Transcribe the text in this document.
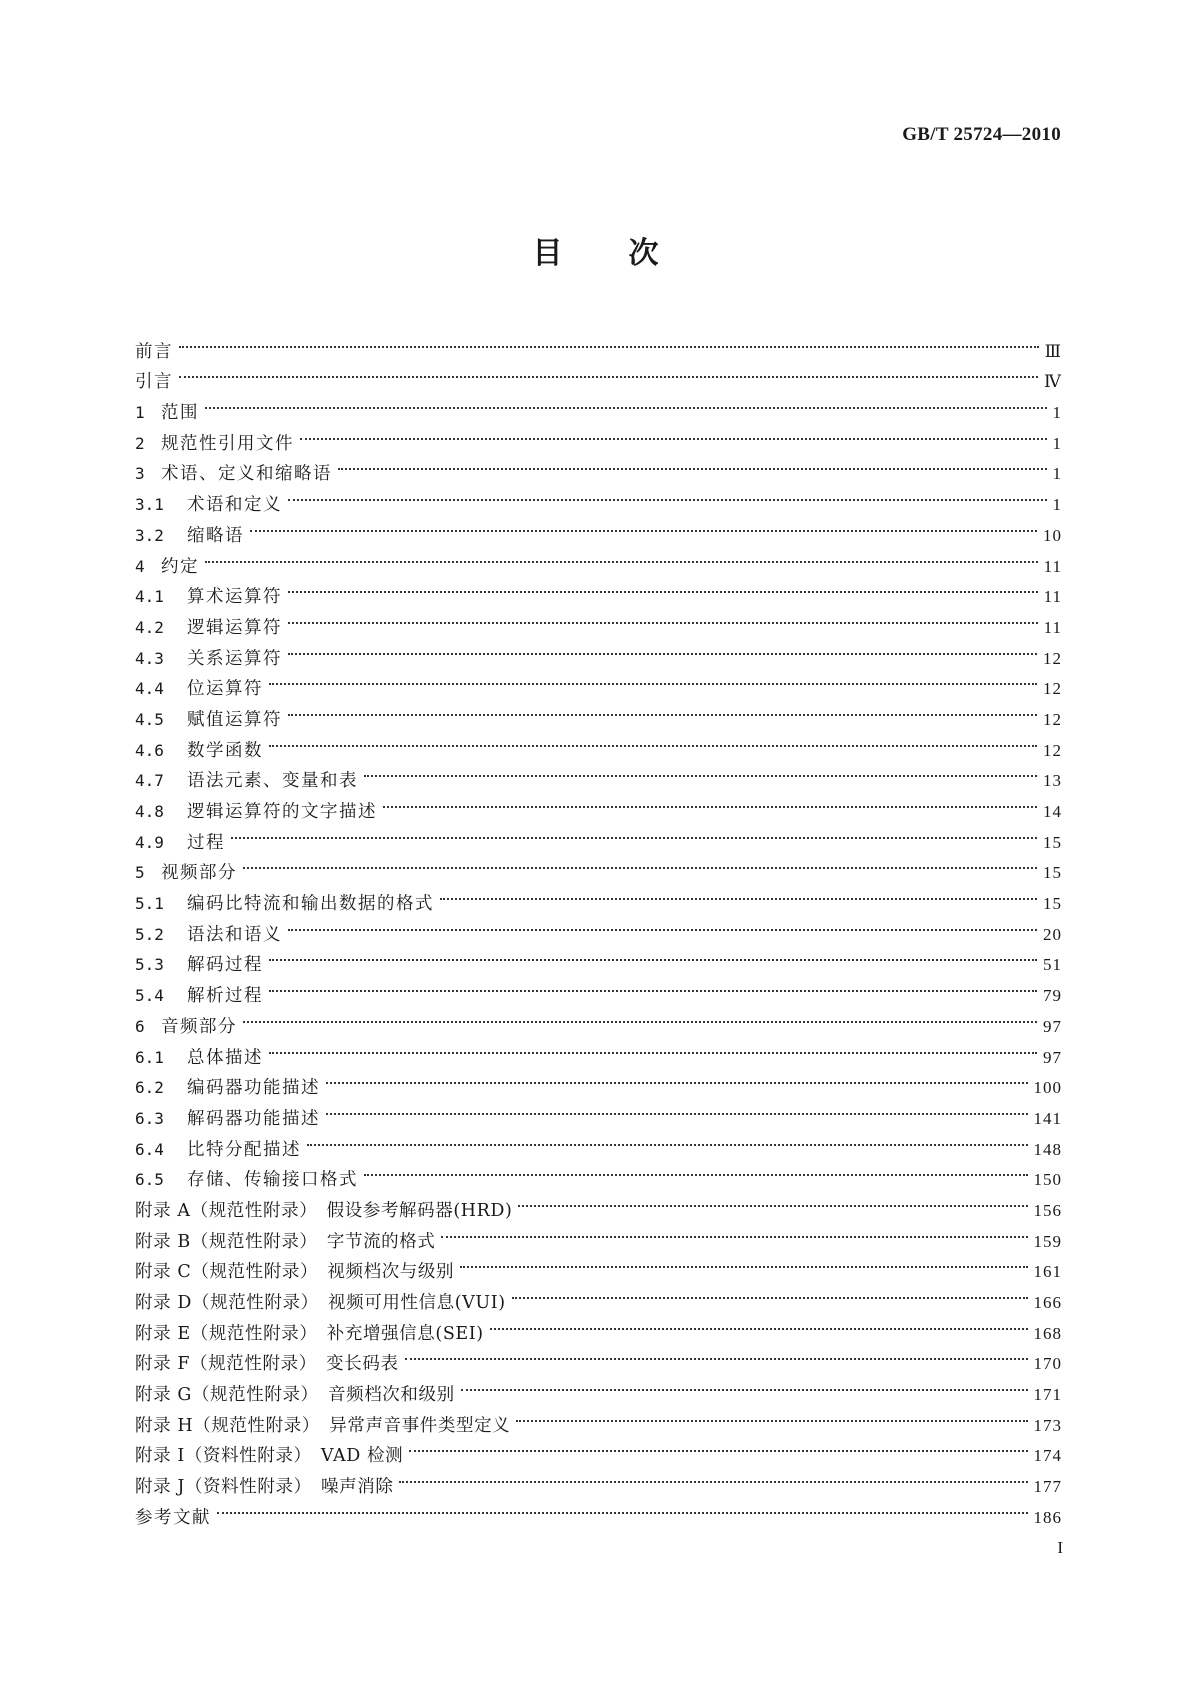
GB/T 25724—2010
目次
前言	Ⅲ
引言	Ⅳ
1 范围	1
2 规范性引用文件	1
3 术语、定义和缩略语	1
3.1	术语和定义	1
3.2	缩略语	10
4 约定	11
4.1	算术运算符	11
4.2	逻辑运算符	11
4.3	关系运算符	12
4.4	位运算符	12
4.5	赋值运算符	12
4.6	数学函数	12
4.7	语法元素、变量和表	13
4.8	逻辑运算符的文字描述	14
4.9	过程	15
5 视频部分	15
5.1	编码比特流和输出数据的格式	15
5.2	语法和语义	20
5.3	解码过程	51
5.4	解析过程	79
6 音频部分	97
6.1	总体描述	97
6.2	编码器功能描述	100
6.3	解码器功能描述	141
6.4	比特分配描述	148
6.5	存储、传输接口格式	150
附录 A（规范性附录）　假设参考解码器(HRD)	156
附录 B（规范性附录）　字节流的格式	159
附录 C（规范性附录）　视频档次与级别	161
附录 D（规范性附录）　视频可用性信息(VUI)	166
附录 E（规范性附录）　补充增强信息(SEI)	168
附录 F（规范性附录）　变长码表	170
附录 G（规范性附录）　音频档次和级别	171
附录 H（规范性附录）　异常声音事件类型定义	173
附录 I（资料性附录）　VAD 检测	174
附录 J（资料性附录）　噪声消除	177
参考文献	186
I
